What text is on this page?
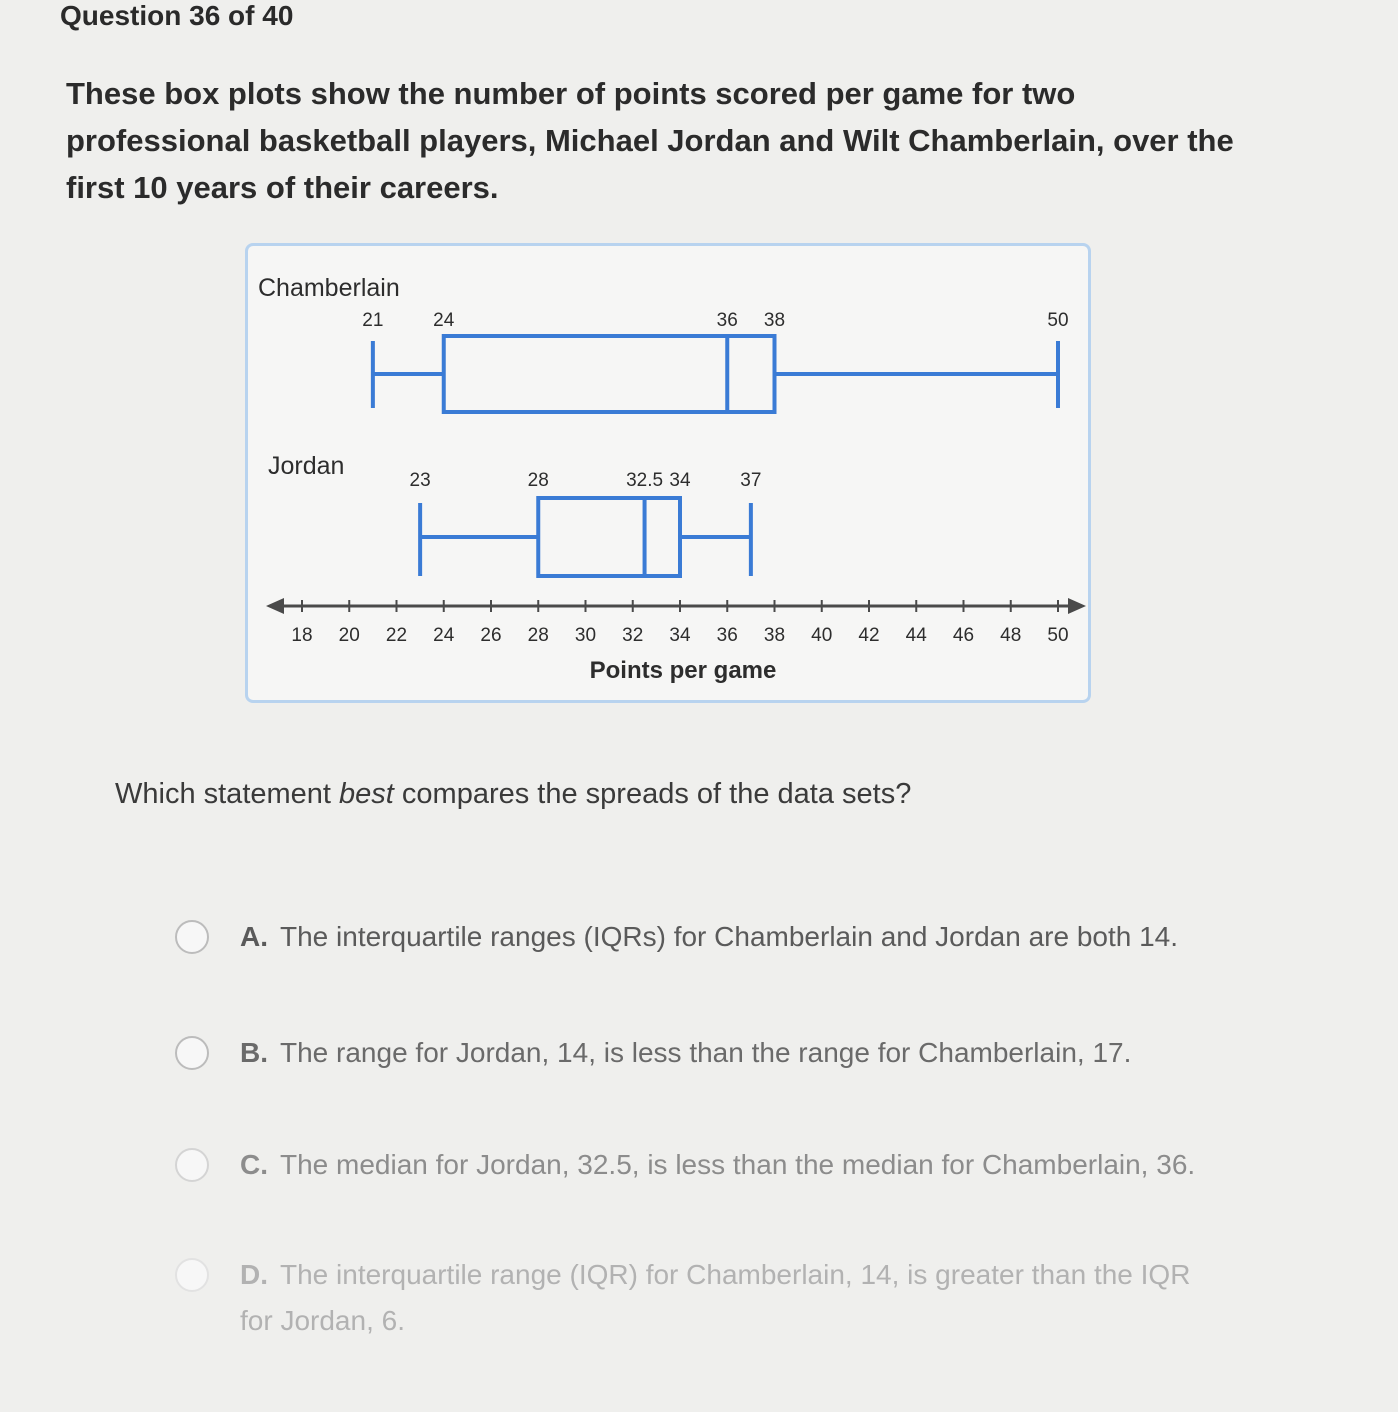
Question 36 of 40
These box plots show the number of points scored per game for two professional basketball players, Michael Jordan and Wilt Chamberlain, over the first 10 years of their careers.
Chamberlain
21	24	36 38	50
Jordan
23	28	32.5 34	37
18 20 22 24 26 28 30 32 34 36 38 40 42 44 46 48 50
Points per game
Which statement best compares the spreads of the data sets?
A. The interquartile ranges (IQRs) for Chamberlain and Jordan are both 14.
B. The range for Jordan, 14, is less than the range for Chamberlain, 17.
C. The median for Jordan, 32.5, is less than the median for Chamberlain, 36.
D. The interquartile range (IQR) for Chamberlain, 14, is greater than the IQR for Jordan, 6.
